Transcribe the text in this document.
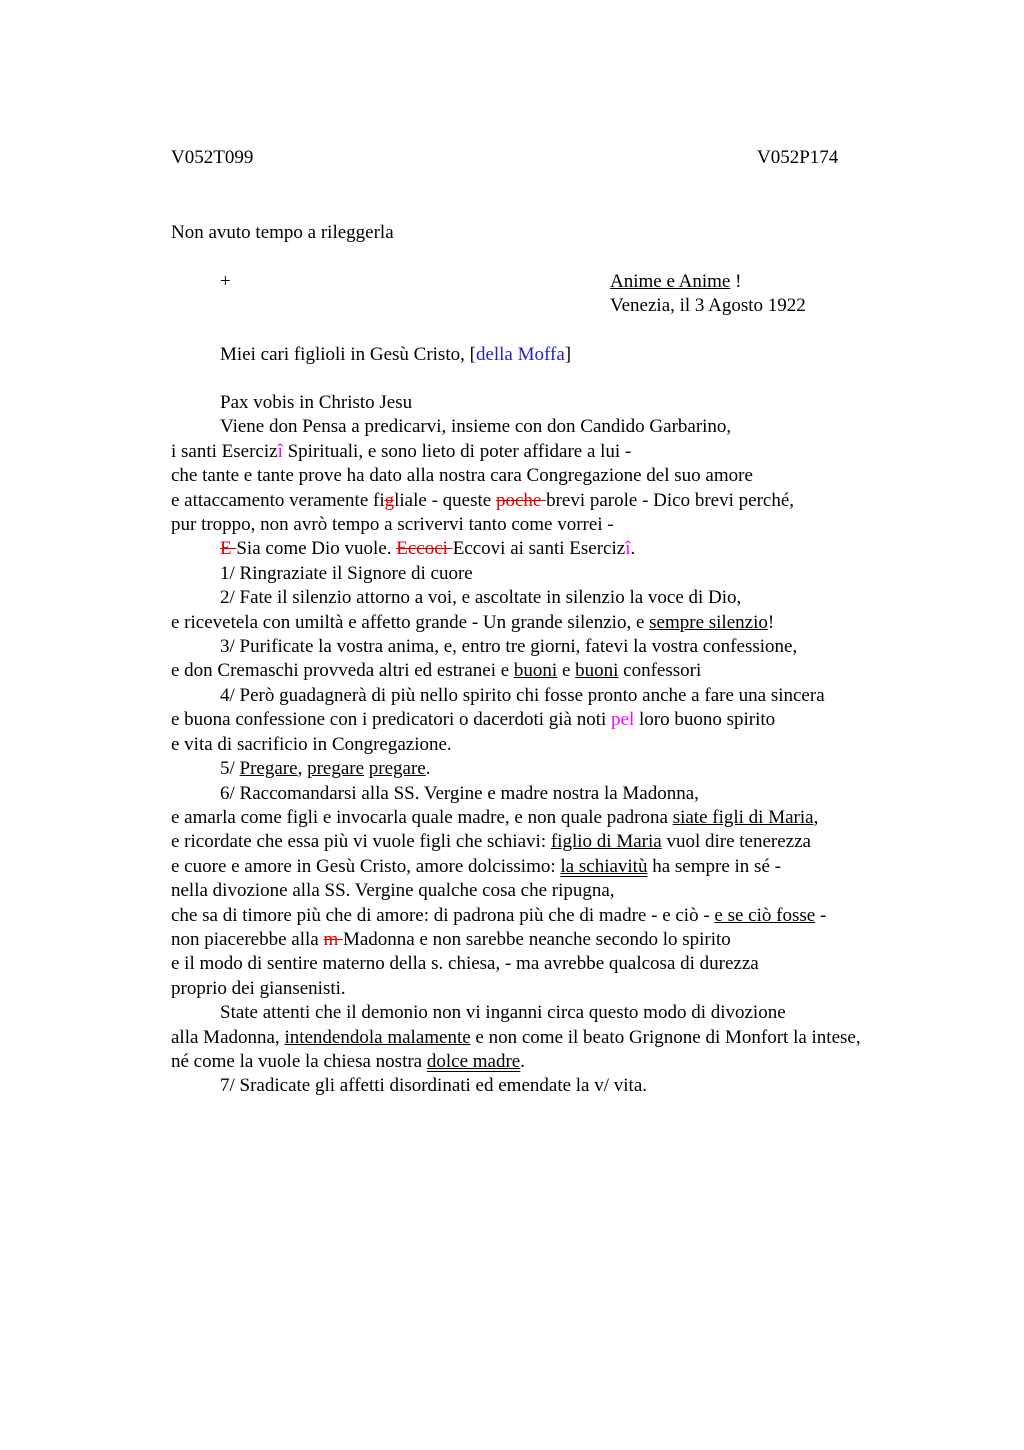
V052T099	V052P174
Non avuto tempo a rileggerla
+	Anime e Anime !
Venezia, il 3 Agosto 1922
Miei cari figlioli in Gesù Cristo, [della Moffa]
Pax vobis in Christo Jesu
Viene don Pensa a predicarvi, insieme con don Candido Garbarino,
i santi Esercizî Spirituali, e sono lieto di poter affidare a lui -
che tante e tante prove ha dato alla nostra cara Congregazione del suo amore
e attaccamento veramente figliale - queste poche brevi parole - Dico brevi perché,
pur troppo, non avrò tempo a scrivervi tanto come vorrei -
E Sia come Dio vuole. Eccoci Eccovi ai santi Esercizî.
1/ Ringraziate il Signore di cuore
2/ Fate il silenzio attorno a voi, e ascoltate in silenzio la voce di Dio,
e ricevetela con umiltà e affetto grande - Un grande silenzio, e sempre silenzio!
3/ Purificate la vostra anima, e, entro tre giorni, fatevi la vostra confessione,
e don Cremaschi provveda altri ed estranei e buoni e buoni confessori
4/ Però guadagnerà di più nello spirito chi fosse pronto anche a fare una sincera
e buona confessione con i predicatori o dacerdoti già noti pel loro buono spirito
e vita di sacrificio in Congregazione.
5/ Pregare, pregare pregare.
6/ Raccomandarsi alla SS. Vergine e madre nostra la Madonna,
e amarla come figli e invocarla quale madre, e non quale padrona siate figli di Maria,
e ricordate che essa più vi vuole figli che schiavi: figlio di Maria vuol dire tenerezza
e cuore e amore in Gesù Cristo, amore dolcissimo: la schiavitù ha sempre in sé -
nella divozione alla SS. Vergine qualche cosa che ripugna,
che sa di timore più che di amore: di padrona più che di madre - e ciò - e se ciò fosse -
non piacerebbe alla m Madonna e non sarebbe neanche secondo lo spirito
e il modo di sentire materno della s. chiesa, - ma avrebbe qualcosa di durezza
proprio dei giansenisti.
State attenti che il demonio non vi inganni circa questo modo di divozione
alla Madonna, intendendola malamente e non come il beato Grignone di Monfort la intese,
né come la vuole la chiesa nostra dolce madre.
7/ Sradicate gli affetti disordinati ed emendate la v/ vita.
